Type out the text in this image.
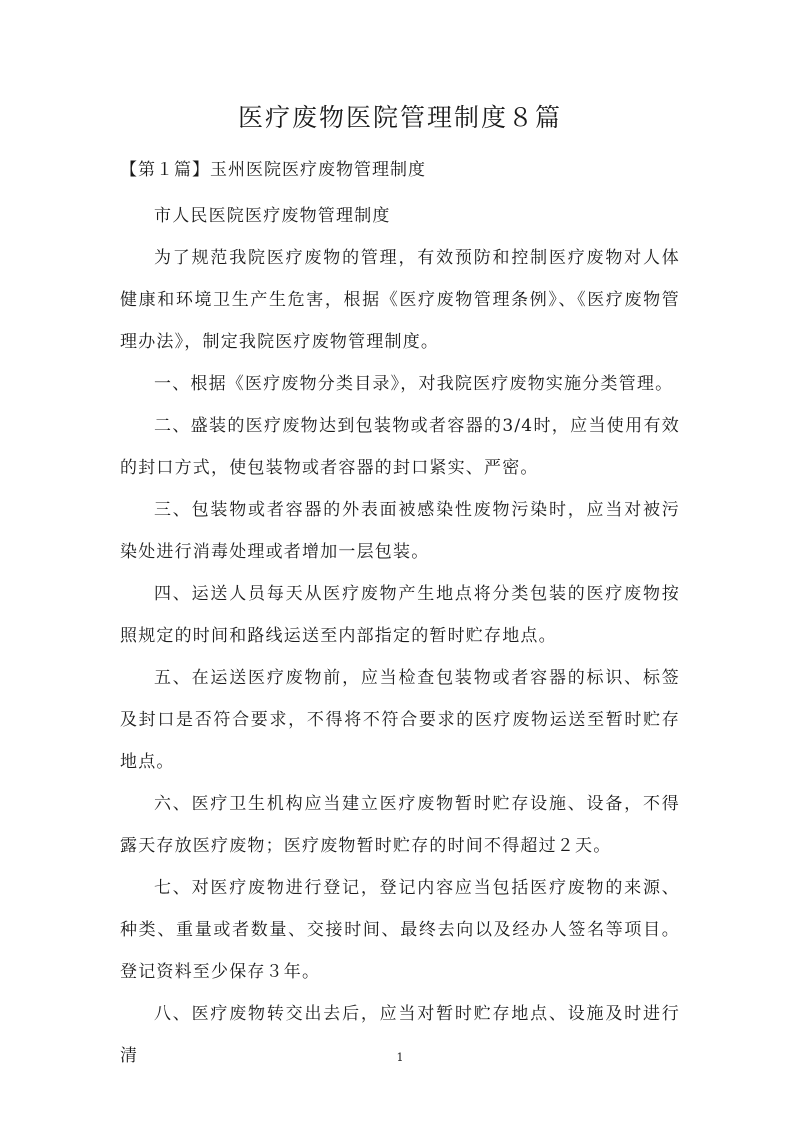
医疗废物医院管理制度８篇

【第１篇】玉州医院医疗废物管理制度

市人民医院医疗废物管理制度

为了规范我院医疗废物的管理，有效预防和控制医疗废物对人体健康和环境卫生产生危害，根据《医疗废物管理条例》、《医疗废物管理办法》，制定我院医疗废物管理制度。

一、根据《医疗废物分类目录》，对我院医疗废物实施分类管理。

二、盛装的医疗废物达到包装物或者容器的3/4时，应当使用有效的封口方式，使包装物或者容器的封口紧实、严密。

三、包装物或者容器的外表面被感染性废物污染时，应当对被污染处进行消毒处理或者增加一层包装。

四、运送人员每天从医疗废物产生地点将分类包装的医疗废物按照规定的时间和路线运送至内部指定的暂时贮存地点。

五、在运送医疗废物前，应当检查包装物或者容器的标识、标签及封口是否符合要求，不得将不符合要求的医疗废物运送至暂时贮存地点。

六、医疗卫生机构应当建立医疗废物暂时贮存设施、设备，不得露天存放医疗废物；医疗废物暂时贮存的时间不得超过２天。

七、对医疗废物进行登记，登记内容应当包括医疗废物的来源、种类、重量或者数量、交接时间、最终去向以及经办人签名等项目。登记资料至少保存３年。

八、医疗废物转交出去后，应当对暂时贮存地点、设施及时进行清	1
